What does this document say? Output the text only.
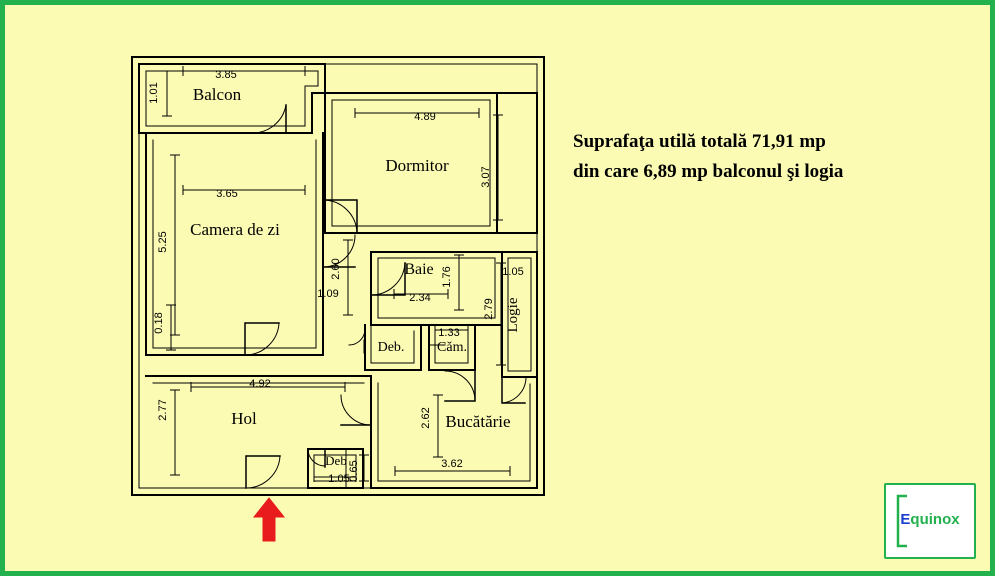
Balcon
Dormitor
Camera de zi
Baie
Logie
Deb. Căm.
Hol	Bucătărie
Deb
3.85
1.01
4.89
3.07
3.65
5.25
2.60	1.76	1.05
1.09	2.34
2.79
0.18	1.33
4.92
2.77	2.62
3.62
0.65
1.05
Suprafaţa utilă totală 71,91 mp
din care 6,89 mp balconul şi logia
Equinox
